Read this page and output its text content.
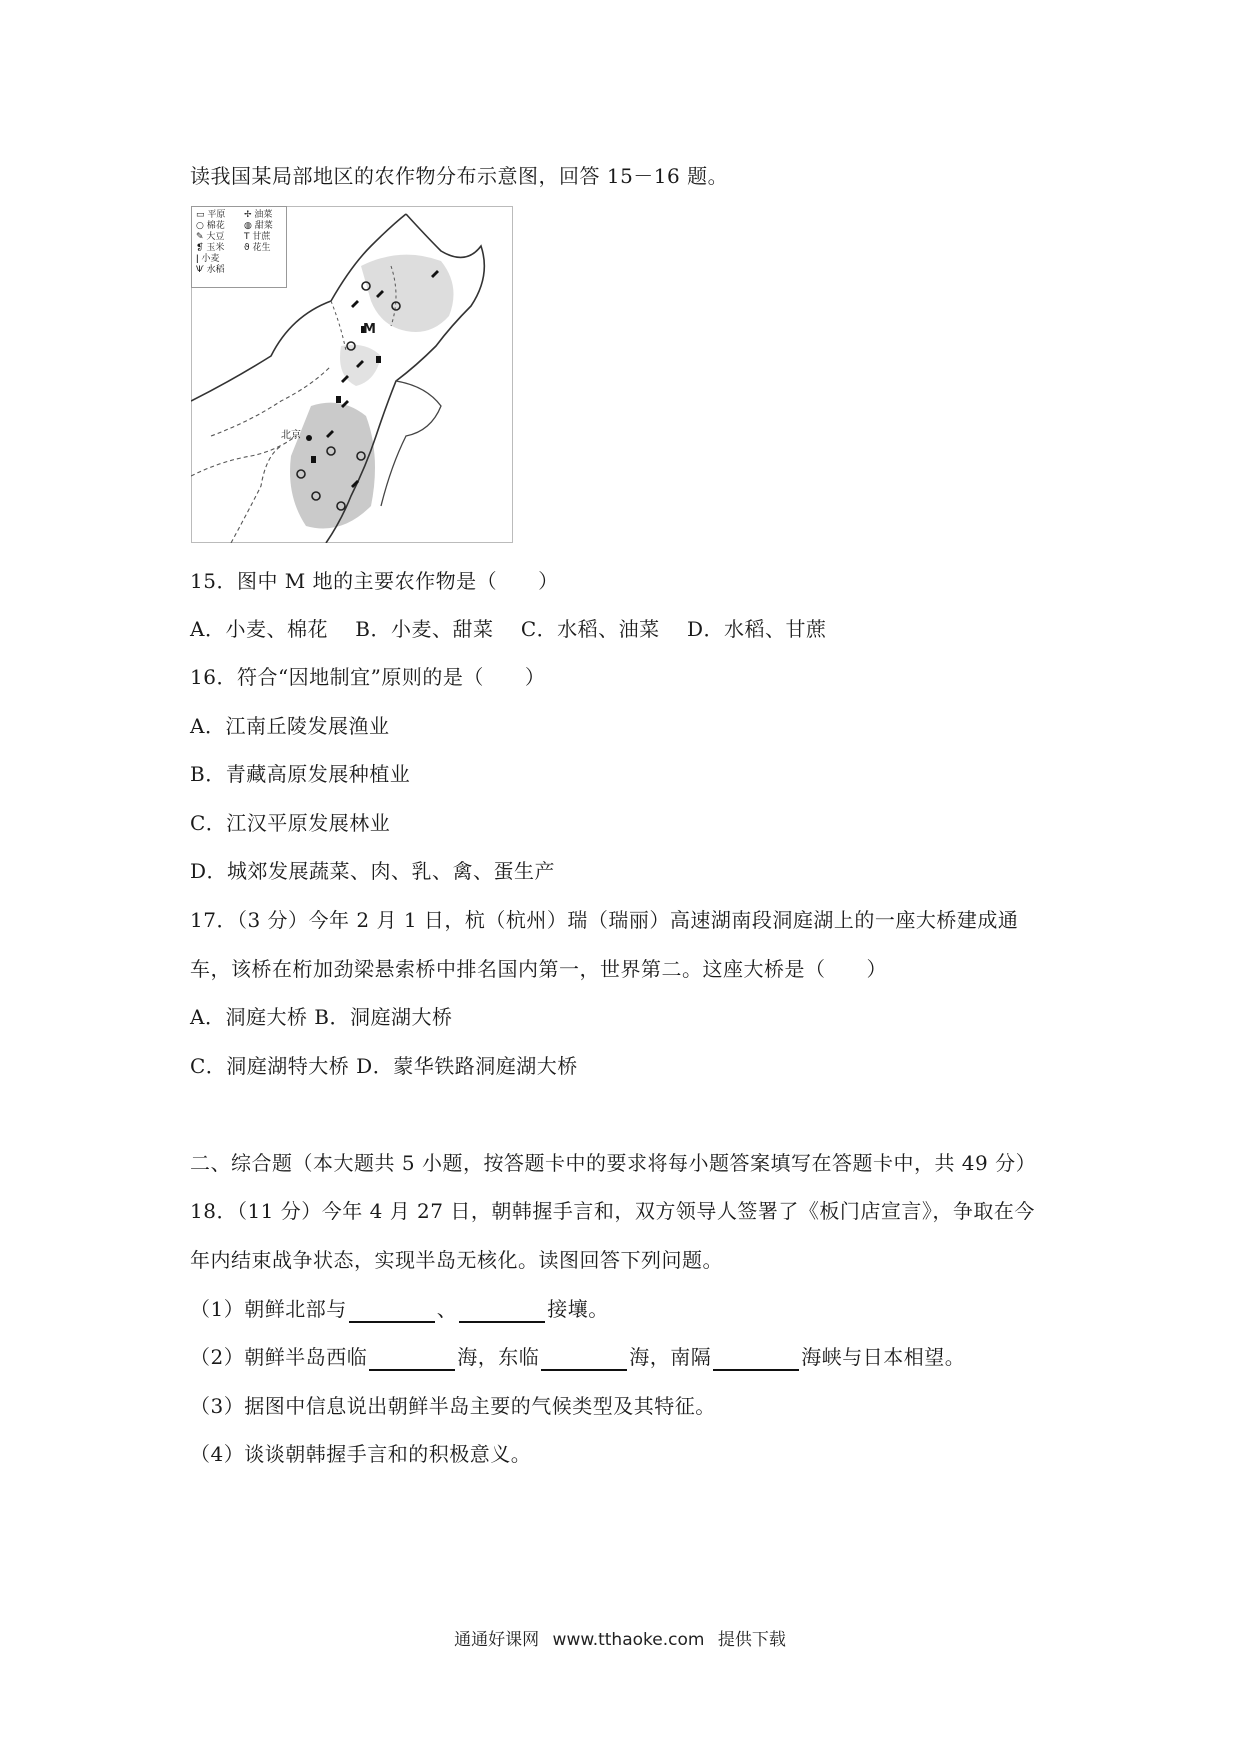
读我国某局部地区的农作物分布示意图，回答 15－16 题。
▭ 平原
○ 棉花
✎ 大豆
❡ 玉米
ǀ 小麦
Ѱ 水稻
✢ 油菜
◍ 甜菜
T 甘蔗
ϑ 花生
M
北京
15．图中 M 地的主要农作物是（　　）
A．小麦、棉花　 B．小麦、甜菜　 C．水稻、油菜　 D．水稻、甘蔗
16．符合“因地制宜”原则的是（　　）
A．江南丘陵发展渔业
B．青藏高原发展种植业
C．江汉平原发展林业
D．城郊发展蔬菜、肉、乳、禽、蛋生产
17．（3 分）今年 2 月 1 日，杭（杭州）瑞（瑞丽）高速湖南段洞庭湖上的一座大桥建成通
车，该桥在桁加劲梁悬索桥中排名国内第一，世界第二。这座大桥是（　　）
A．洞庭大桥 B．洞庭湖大桥
C．洞庭湖特大桥 D．蒙华铁路洞庭湖大桥
二、综合题（本大题共 5 小题，按答题卡中的要求将每小题答案填写在答题卡中，共 49 分）
18．（11 分）今年 4 月 27 日，朝韩握手言和，双方领导人签署了《板门店宣言》，争取在今
年内结束战争状态，实现半岛无核化。读图回答下列问题。
（1）朝鲜北部与	、	接壤。
（2）朝鲜半岛西临	海，东临	海，南隔	海峡与日本相望。
（3）据图中信息说出朝鲜半岛主要的气候类型及其特征。
（4）谈谈朝韩握手言和的积极意义。
通通好课网 www.tthaoke.com 提供下载
